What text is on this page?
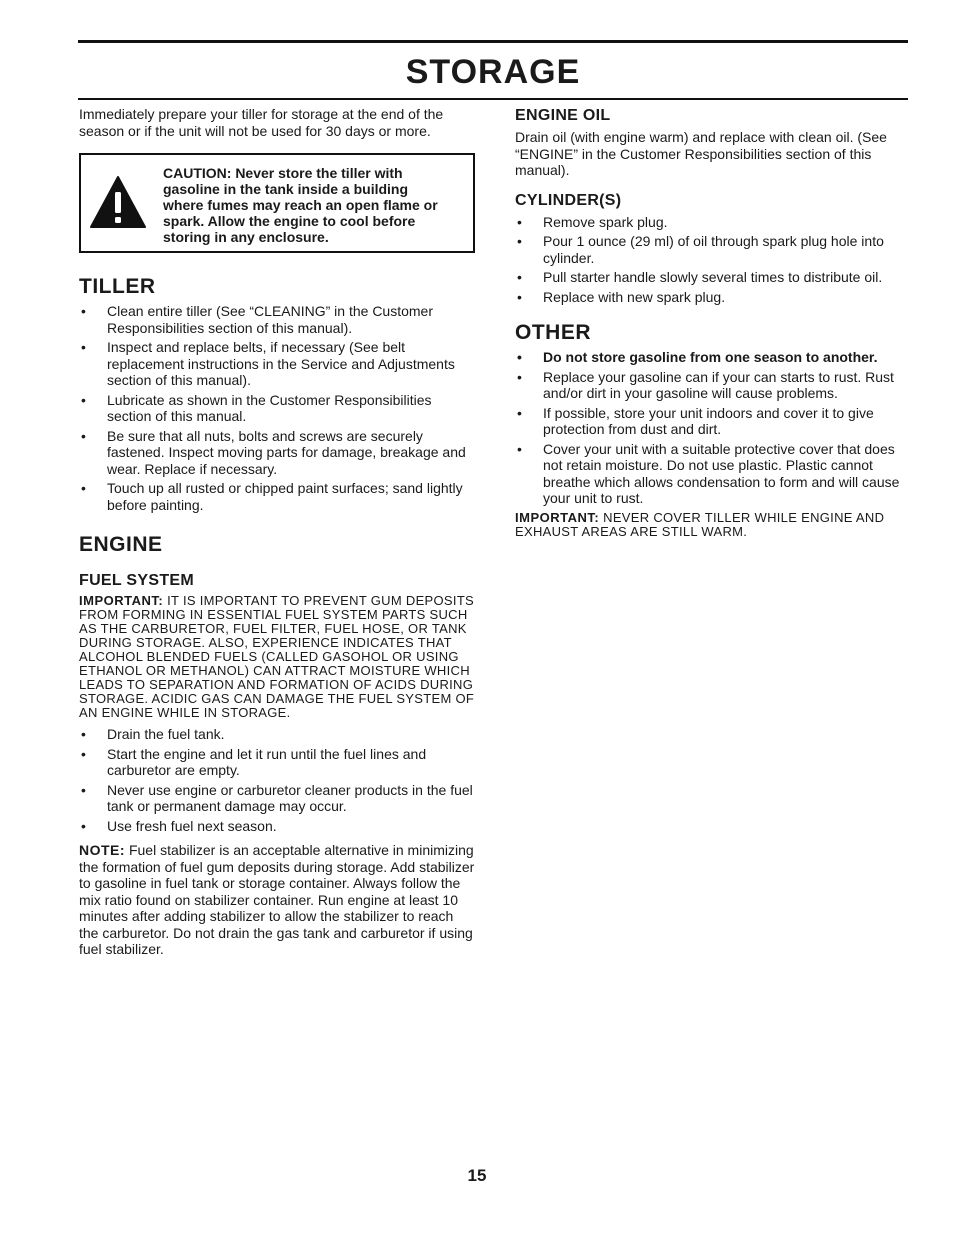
STORAGE

Immediately prepare your tiller for storage at the end of the season or if the unit will not be used for 30 days or more.

CAUTION: Never store the tiller with gasoline in the tank inside a building where fumes may reach an open flame or spark. Allow the engine to cool before storing in any enclosure.
TILLER
• Clean entire tiller (See “CLEANING” in the Customer Responsibilities section of this manual).
• Inspect and replace belts, if necessary (See belt replacement instructions in the Service and Adjustments section of this manual).
• Lubricate as shown in the Customer Responsibilities section of this manual.
• Be sure that all nuts, bolts and screws are securely fastened. Inspect moving parts for damage, breakage and wear. Replace if necessary.
• Touch up all rusted or chipped paint surfaces; sand lightly before painting.
ENGINE
FUEL SYSTEM

IMPORTANT: IT IS IMPORTANT TO PREVENT GUM DEPOSITS FROM FORMING IN ESSENTIAL FUEL SYSTEM PARTS SUCH AS THE CARBURETOR, FUEL FILTER, FUEL HOSE, OR TANK DURING STORAGE. ALSO, EXPERIENCE INDICATES THAT ALCOHOL BLENDED FUELS (CALLED GASOHOL OR USING ETHANOL OR METHANOL) CAN ATTRACT MOISTURE WHICH LEADS TO SEPARATION AND FORMATION OF ACIDS DURING STORAGE. ACIDIC GAS CAN DAMAGE THE FUEL SYSTEM OF AN ENGINE WHILE IN STORAGE.

• Drain the fuel tank.
• Start the engine and let it run until the fuel lines and carburetor are empty.
• Never use engine or carburetor cleaner products in the fuel tank or permanent damage may occur.
• Use fresh fuel next season.

NOTE: Fuel stabilizer is an acceptable alternative in minimizing the formation of fuel gum deposits during storage. Add stabilizer to gasoline in fuel tank or storage container. Always follow the mix ratio found on stabilizer container. Run engine at least 10 minutes after adding stabilizer to allow the stabilizer to reach the carburetor. Do not drain the gas tank and carburetor if using fuel stabilizer.

ENGINE OIL

Drain oil (with engine warm) and replace with clean oil. (See “ENGINE” in the Customer Responsibilities section of this manual).

CYLINDER(S)
• Remove spark plug.
• Pour 1 ounce (29 ml) of oil through spark plug hole into cylinder.
• Pull starter handle slowly several times to distribute oil.
• Replace with new spark plug.
OTHER
• Do not store gasoline from one season to another.
• Replace your gasoline can if your can starts to rust. Rust and/or dirt in your gasoline will cause problems.
• If possible, store your unit indoors and cover it to give protection from dust and dirt.
• Cover your unit with a suitable protective cover that does not retain moisture. Do not use plastic. Plastic cannot breathe which allows condensation to form and will cause your unit to rust.

IMPORTANT: NEVER COVER TILLER WHILE ENGINE AND EXHAUST AREAS ARE STILL WARM.

15
